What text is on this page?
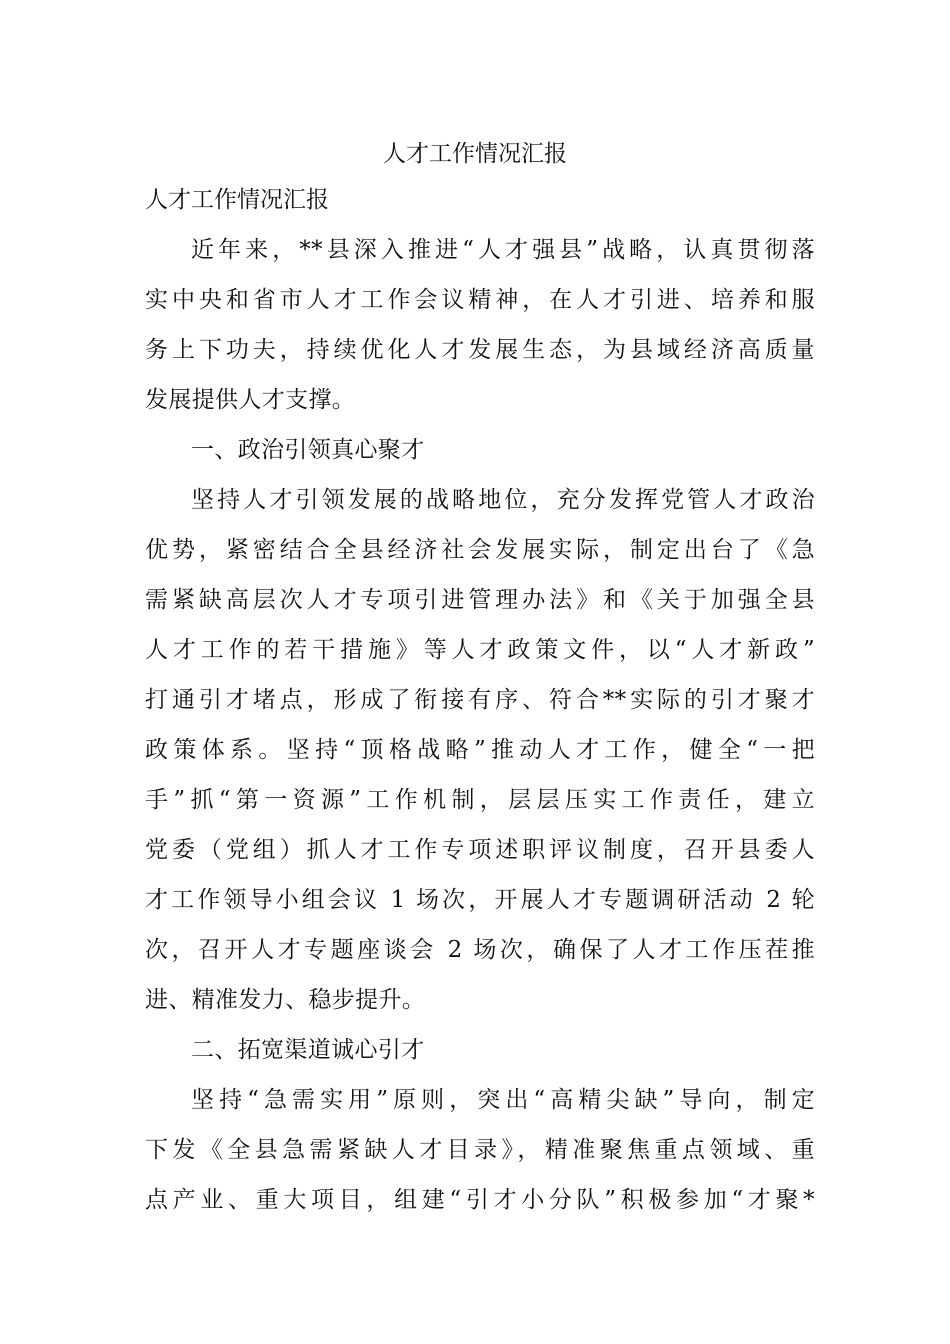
人才工作情况汇报

人才工作情况汇报

近年来，**县深入推进“人才强县”战略，认真贯彻落

实中央和省市人才工作会议精神，在人才引进、培养和服

务上下功夫，持续优化人才发展生态，为县域经济高质量

发展提供人才支撑。

一、政治引领真心聚才

坚持人才引领发展的战略地位，充分发挥党管人才政治

优势，紧密结合全县经济社会发展实际，制定出台了《急

需紧缺高层次人才专项引进管理办法》和《关于加强全县

人才工作的若干措施》等人才政策文件，以“人才新政”

打通引才堵点，形成了衔接有序、符合**实际的引才聚才

政策体系。坚持“顶格战略”推动人才工作，健全“一把

手”抓“第一资源”工作机制，层层压实工作责任，建立

党委（党组）抓人才工作专项述职评议制度，召开县委人

才工作领导小组会议 1 场次，开展人才专题调研活动 2 轮

次，召开人才专题座谈会 2 场次，确保了人才工作压茬推

进、精准发力、稳步提升。

二、拓宽渠道诚心引才

坚持“急需实用”原则，突出“高精尖缺”导向，制定

下发《全县急需紧缺人才目录》，精准聚焦重点领域、重

点产业、重大项目，组建“引才小分队”积极参加“才聚*
